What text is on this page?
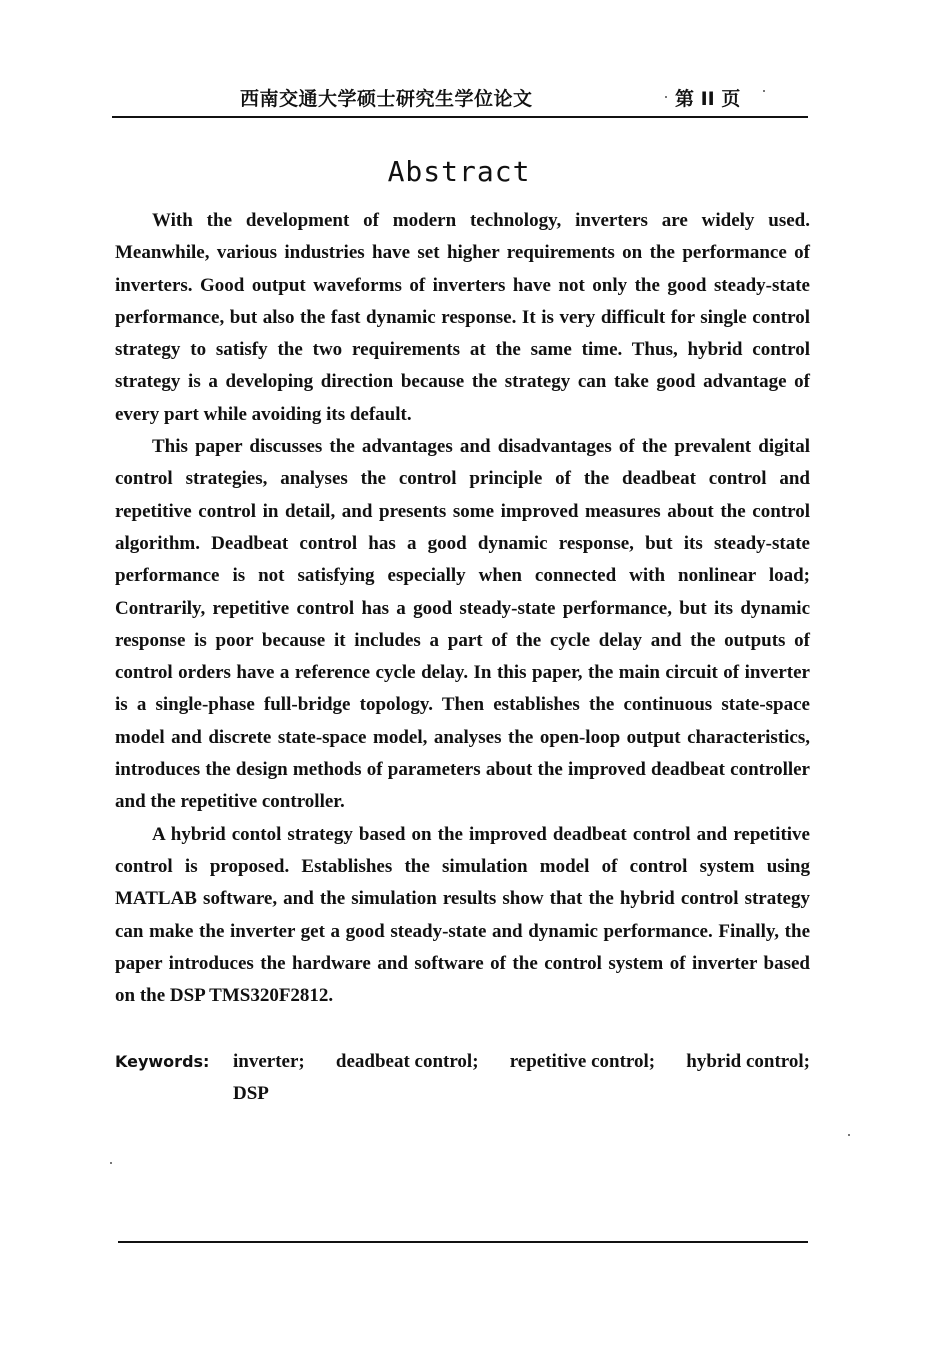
西南交通大学硕士研究生学位论文	第 II 页
Abstract

With the development of modern technology, inverters are widely used. Meanwhile, various industries have set higher requirements on the performance of inverters. Good output waveforms of inverters have not only the good steady-state performance, but also the fast dynamic response. It is very difficult for single control strategy to satisfy the two requirements at the same time. Thus, hybrid control strategy is a developing direction because the strategy can take good advantage of every part while avoiding its default.

This paper discusses the advantages and disadvantages of the prevalent digital control strategies, analyses the control principle of the deadbeat control and repetitive control in detail, and presents some improved measures about the control algorithm. Deadbeat control has a good dynamic response, but its steady-state performance is not satisfying especially when connected with nonlinear load; Contrarily, repetitive control has a good steady-state performance, but its dynamic response is poor because it includes a part of the cycle delay and the outputs of control orders have a reference cycle delay. In this paper, the main circuit of inverter is a single-phase full-bridge topology. Then establishes the continuous state-space model and discrete state-space model, analyses the open-loop output characteristics, introduces the design methods of parameters about the improved deadbeat controller and the repetitive controller.

A hybrid contol strategy based on the improved deadbeat control and repetitive control is proposed. Establishes the simulation model of control system using MATLAB software, and the simulation results show that the hybrid control strategy can make the inverter get a good steady-state and dynamic performance. Finally, the paper introduces the hardware and software of the control system of inverter based on the DSP TMS320F2812.

Keywords: inverter; deadbeat control; repetitive control; hybrid control;
DSP
